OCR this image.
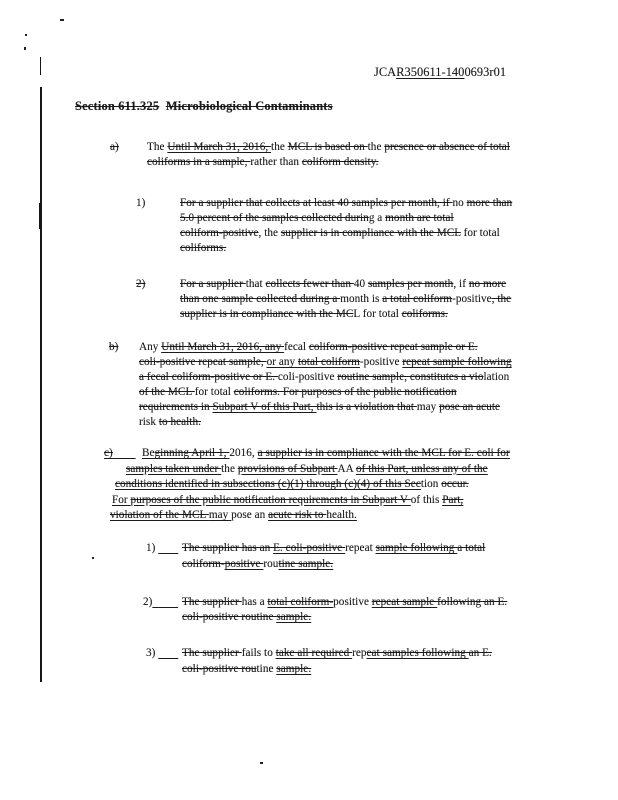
JCAR350611-1400693r01
Section 611.325 Microbiological Contaminants
a)	The Until March 31, 2016, the MCL is based on the presence or absence of total
coliforms in a sample, rather than coliform density.
1)	For a supplier that collects at least 40 samples per month, if no more than
5.0 percent of the samples collected during a month are total
coliform-positive, the supplier is in compliance with the MCL for total
coliforms.
2)	For a supplier that collects fewer than 40 samples per month, if no more
than one sample collected during a month is a total coliform-positive, the
supplier is in compliance with the MCL for total coliforms.
b) Any Until March 31, 2016, any fecal coliform-positive repeat sample or E.
coli-positive repeat sample, or any total coliform-positive repeat sample following
a fecal coliform-positive or E. coli-positive routine sample, constitutes a violation
of the MCL for total coliforms. For purposes of the public notification
requirements in Subpart V of this Part, this is a violation that may pose an acute
risk to health.
c)	Beginning April 1, 2016, a supplier is in compliance with the MCL for E. coli for
samples taken under the provisions of Subpart AA of this Part, unless any of the
conditions identified in subsections (c)(1) through (c)(4) of this Section occur.
For purposes of the public notification requirements in Subpart V of this Part,
violation of the MCL may pose an acute risk to health.
1)	The supplier has an E. coli-positive repeat sample following a total
coliform-positive routine sample.
2)	The supplier has a total coliform-positive repeat sample following an E.
coli-positive routine sample.
3)	The supplier fails to take all required repeat samples following an E.
coli-positive routine sample.
